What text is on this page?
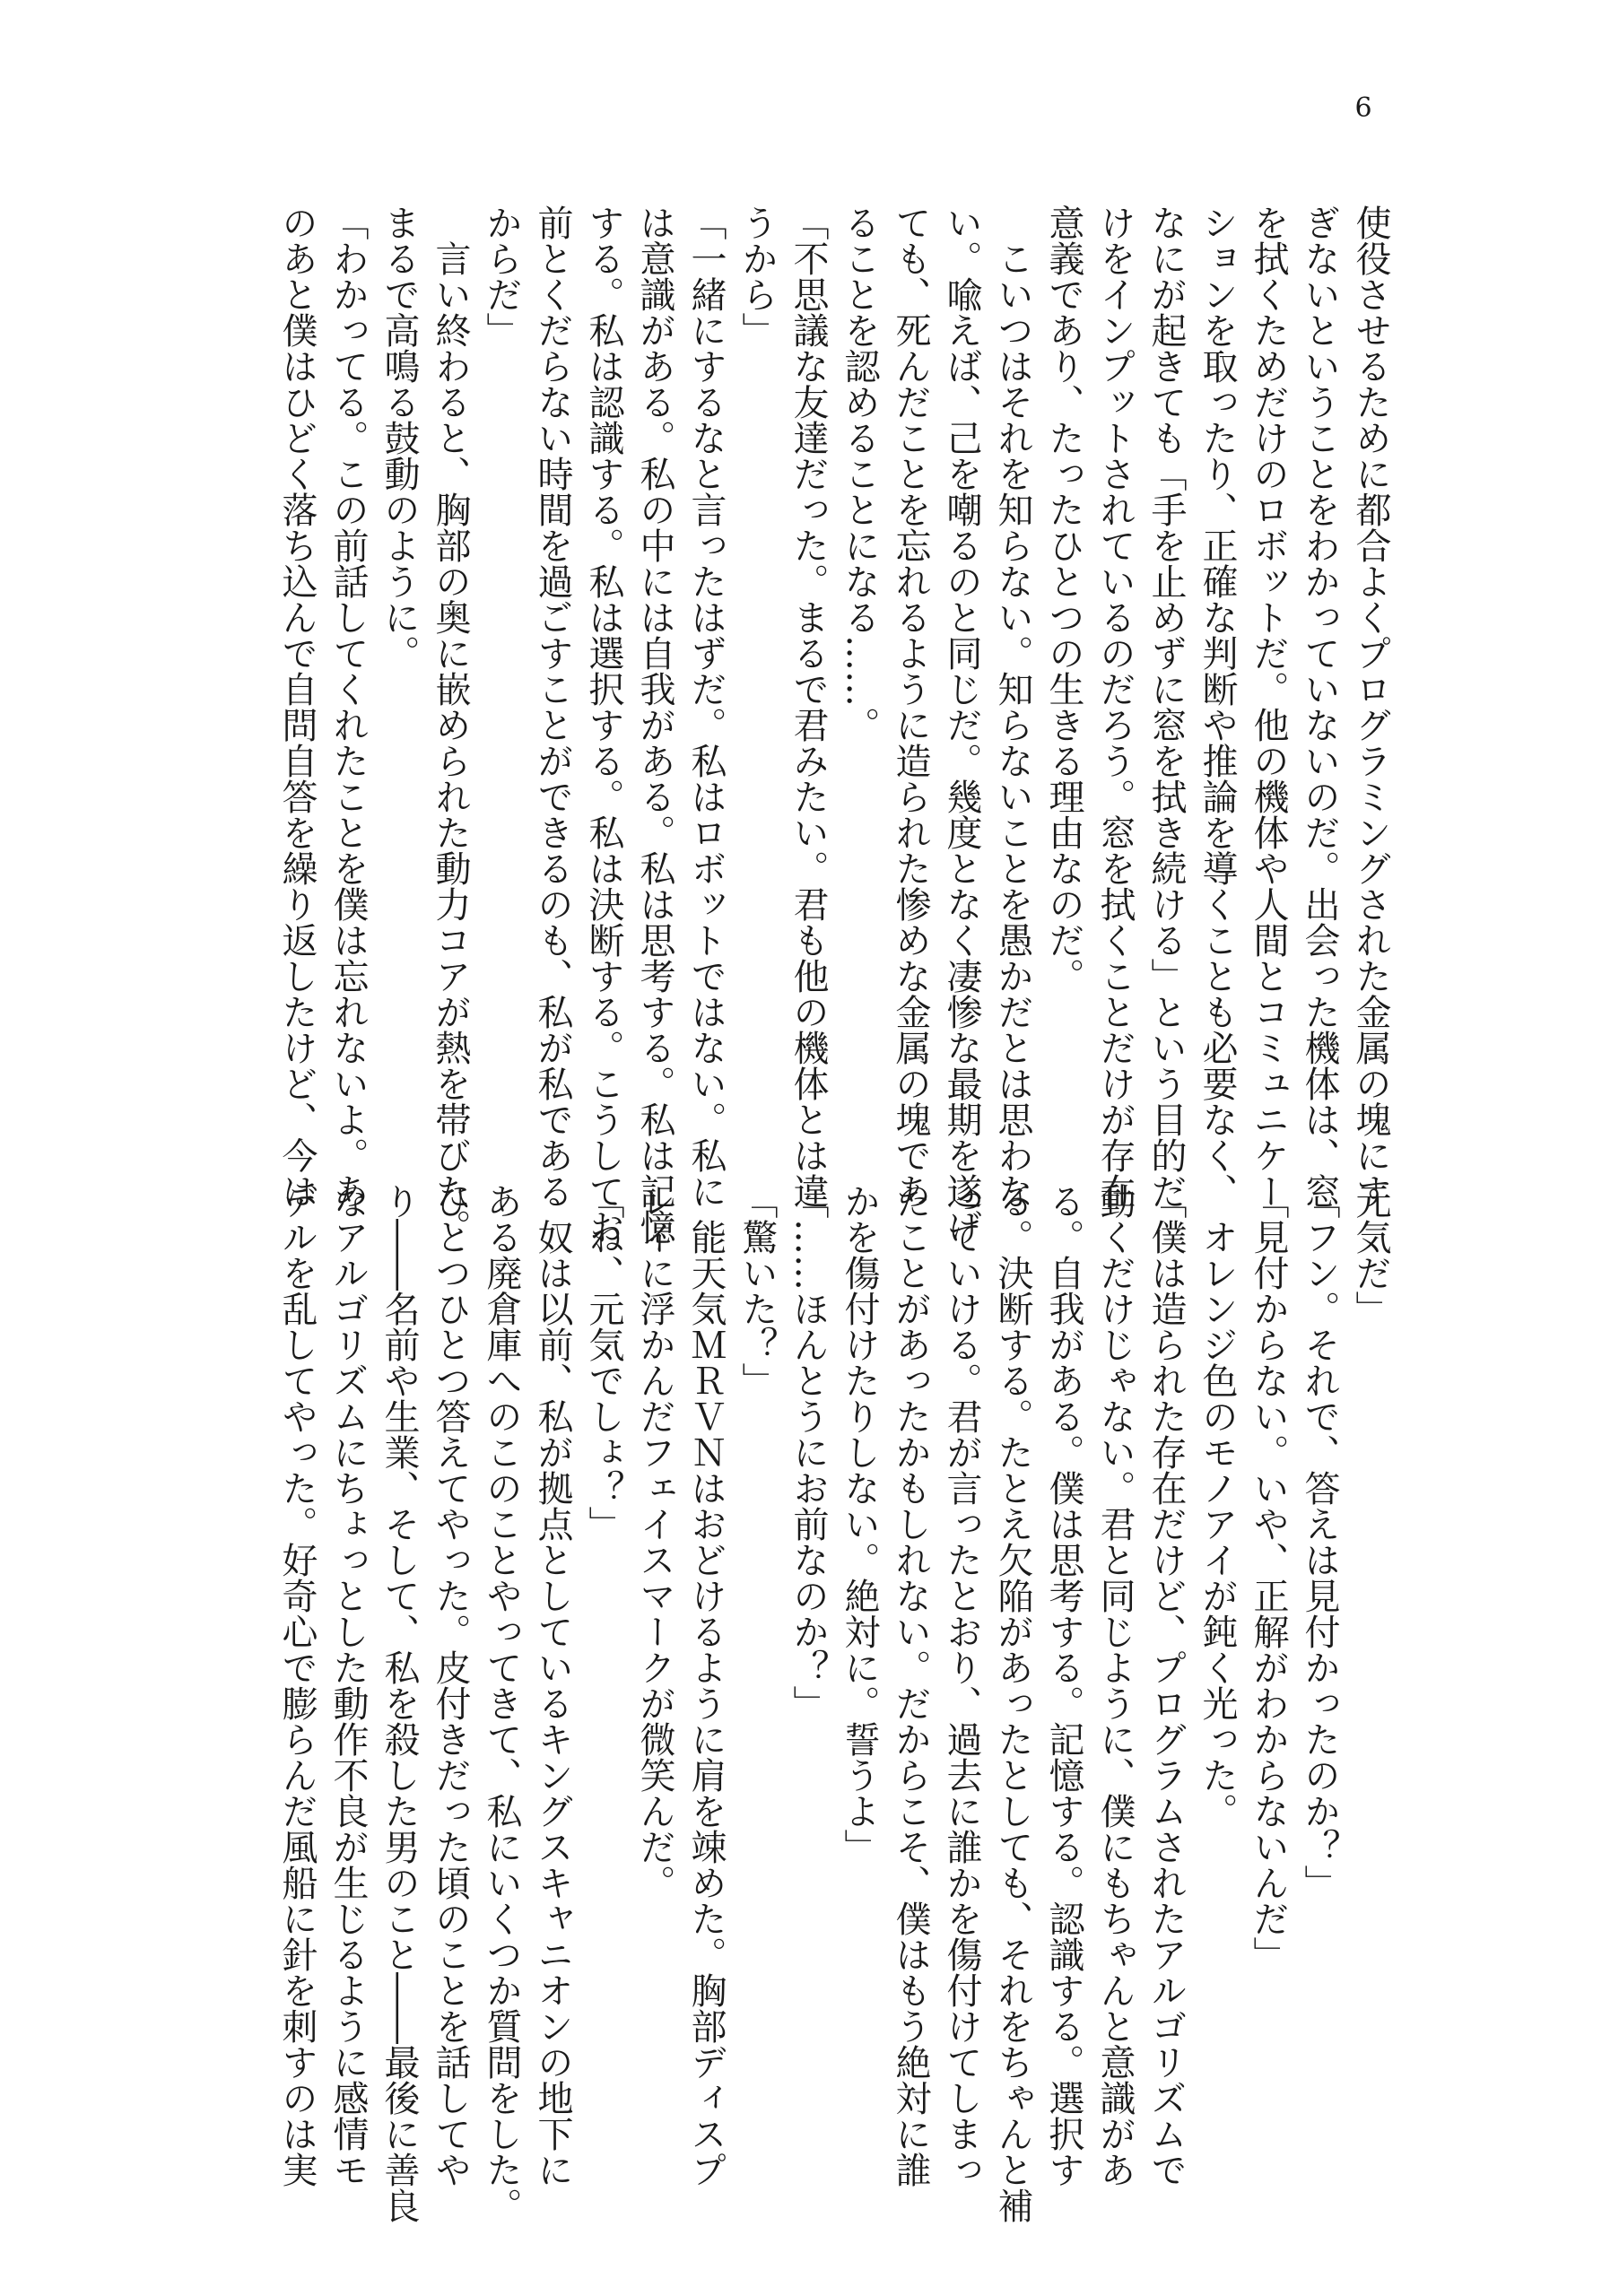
6
使役させるために都合よくプログラミングされた金属の塊にす
ぎないということをわかっていないのだ。出会った機体は、窓
を拭くためだけのロボットだ。他の機体や人間とコミュニケー
ションを取ったり、正確な判断や推論を導くことも必要なく、
なにが起きても「手を止めずに窓を拭き続ける」という目的だ
けをインプットされているのだろう。窓を拭くことだけが存在
意義であり、たったひとつの生きる理由なのだ。
　こいつはそれを知らない。知らないことを愚かだとは思わな
い。喩えば、己を嘲るのと同じだ。幾度となく凄惨な最期を遂げ
ても、死んだことを忘れるように造られた惨めな金属の塊であ
ることを認めることになる……。
「不思議な友達だった。まるで君みたい。君も他の機体とは違
うから」
「一緒にするなと言ったはずだ。私はロボットではない。私に
は意識がある。私の中には自我がある。私は思考する。私は記憶
する。私は認識する。私は選択する。私は決断する。こうしてお
前とくだらない時間を過ごすことができるのも、私が私である
からだ」
　言い終わると、胸部の奥に嵌められた動力コアが熱を帯びた。
まるで高鳴る鼓動のように。
「わかってる。この前話してくれたことを僕は忘れないよ。あ
のあと僕はひどく落ち込んで自問自答を繰り返したけど、今は
元気だ」
「フン。それで、答えは見付かったのか？」
「見付からない。いや、正解がわからないんだ」
　オレンジ色のモノアイが鈍く光った。
「僕は造られた存在だけど、プログラムされたアルゴリズムで
動くだけじゃない。君と同じように、僕にもちゃんと意識があ
る。自我がある。僕は思考する。記憶する。認識する。選択す
る。決断する。たとえ欠陥があったとしても、それをちゃんと補
っていける。君が言ったとおり、過去に誰かを傷付けてしまっ
たことがあったかもしれない。だからこそ、僕はもう絶対に誰
かを傷付けたりしない。絶対に。誓うよ」
「……ほんとうにお前なのか？」
「驚いた？」
　能天気ＭＲＶＮはおどけるように肩を竦めた。胸部ディスプ
レイに浮かんだフェイスマークが微笑んだ。
「ね、元気でしょ？」
　奴は以前、私が拠点としているキングスキャニオンの地下に
ある廃倉庫へのこのことやってきて、私にいくつか質問をした。
ひとつひとつ答えてやった。皮付きだった頃のことを話してや
り――名前や生業、そして、私を殺した男のこと――最後に善良
なアルゴリズムにちょっとした動作不良が生じるように感情モ
デルを乱してやった。好奇心で膨らんだ風船に針を刺すのは実
